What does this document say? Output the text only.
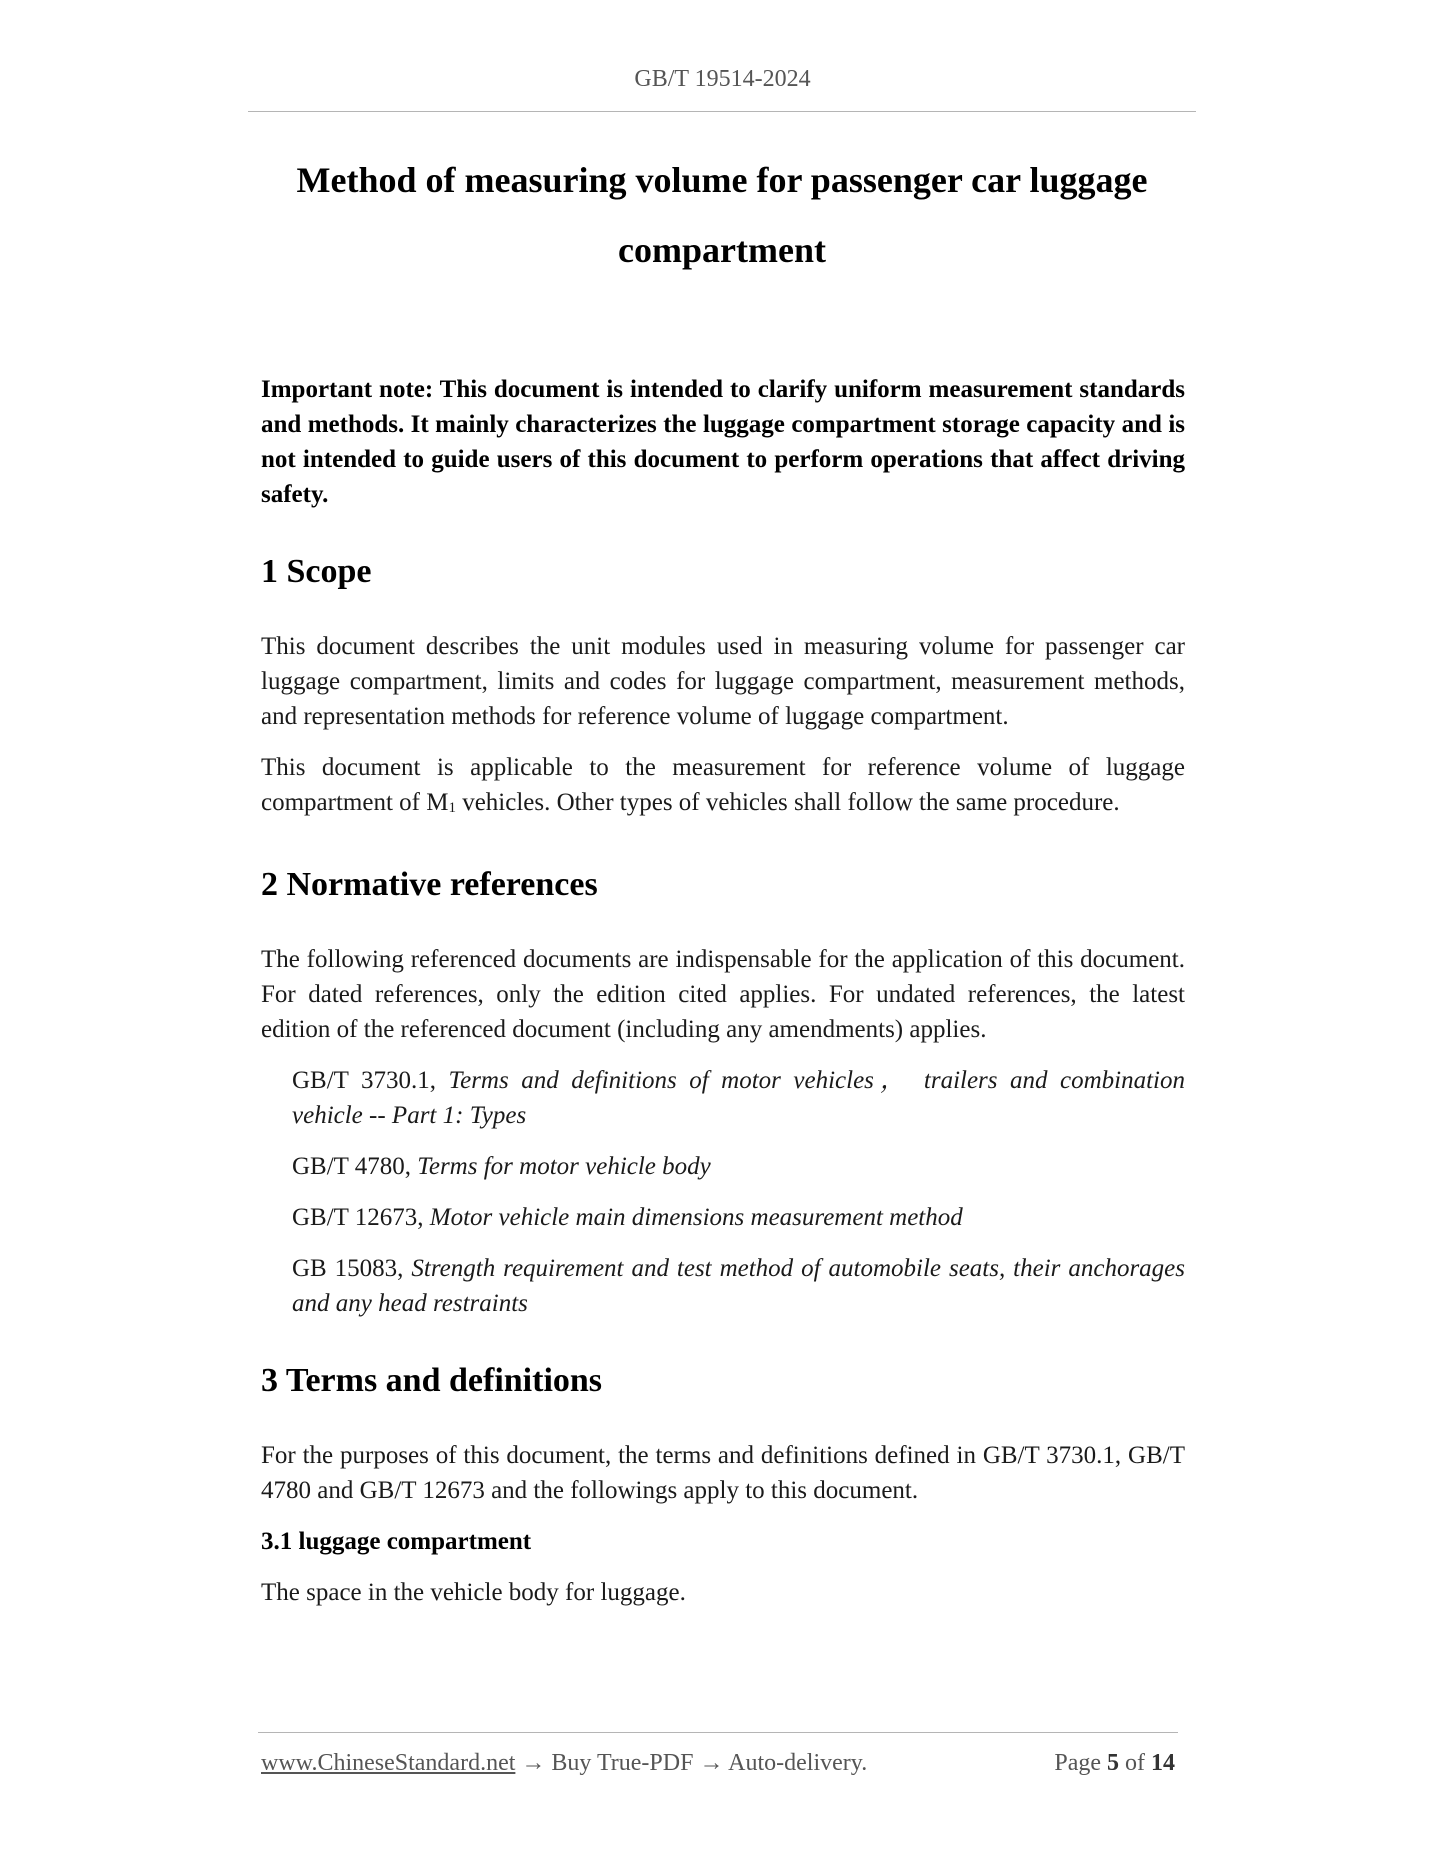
GB/T 19514-2024
Method of measuring volume for passenger car luggage
compartment

Important note: This document is intended to clarify uniform measurement standards and methods. It mainly characterizes the luggage compartment storage capacity and is not intended to guide users of this document to perform operations that affect driving safety.

1 Scope

This document describes the unit modules used in measuring volume for passenger car luggage compartment, limits and codes for luggage compartment, measurement methods, and representation methods for reference volume of luggage compartment.

This document is applicable to the measurement for reference volume of luggage compartment of $M_1$ vehicles. Other types of vehicles shall follow the same procedure.

2 Normative references

The following referenced documents are indispensable for the application of this document. For dated references, only the edition cited applies. For undated references, the latest edition of the referenced document (including any amendments) applies.

GB/T 3730.1, Terms and definitions of motor vehicles， trailers and combination vehicle -- Part 1: Types

GB/T 4780, Terms for motor vehicle body

GB/T 12673, Motor vehicle main dimensions measurement method

GB 15083, Strength requirement and test method of automobile seats, their anchorages and any head restraints

3 Terms and definitions

For the purposes of this document, the terms and definitions defined in GB/T 3730.1, GB/T 4780 and GB/T 12673 and the followings apply to this document.

3.1 luggage compartment

The space in the vehicle body for luggage.

www.ChineseStandard.net → Buy True-PDF → Auto-delivery.	Page 5 of 14
